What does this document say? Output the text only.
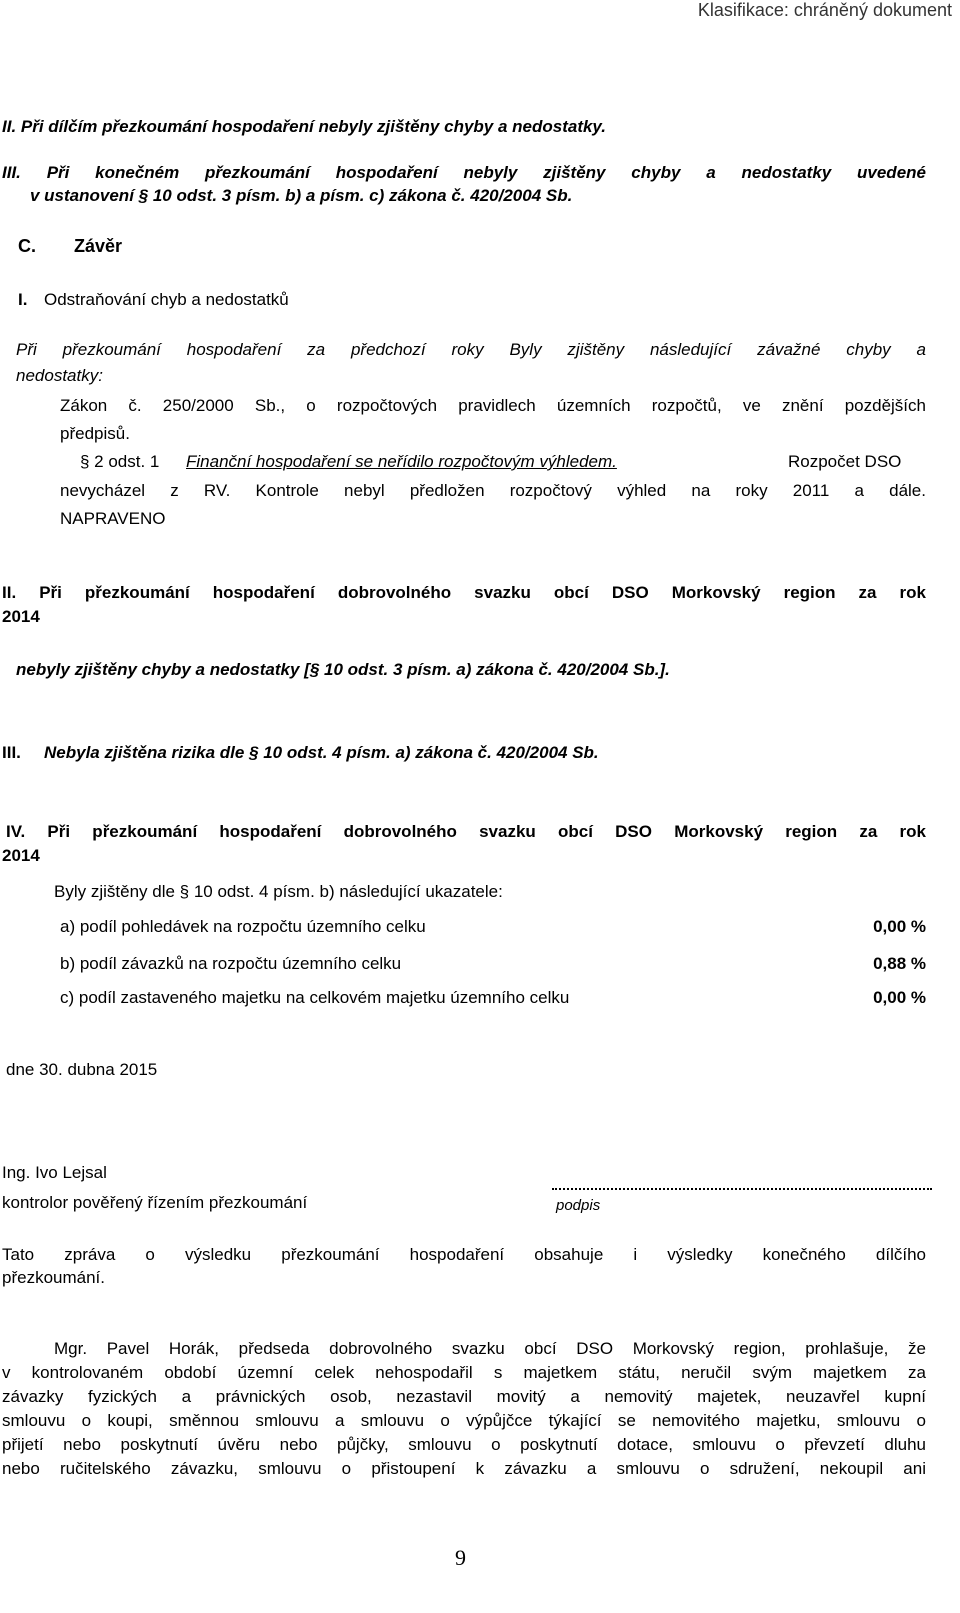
Klasifikace: chráněný dokument
II. Při dílčím přezkoumání hospodaření nebyly zjištěny chyby a nedostatky.
III. Při konečném přezkoumání hospodaření nebyly zjištěny chyby a nedostatky uvedené
v ustanovení § 10 odst. 3 písm. b) a písm. c) zákona č. 420/2004 Sb.
C. Závěr
I. Odstraňování chyb a nedostatků
Při přezkoumání hospodaření za předchozí roky Byly zjištěny následující závažné chyby a
nedostatky:
Zákon č. 250/2000 Sb., o rozpočtových pravidlech územních rozpočtů, ve znění pozdějších
předpisů.
§ 2 odst. 1 Finanční hospodaření se neřídilo rozpočtovým výhledem.	Rozpočet DSO
nevycházel z RV. Kontrole nebyl předložen rozpočtový výhled na roky 2011 a dále.
NAPRAVENO
II. Při přezkoumání hospodaření dobrovolného svazku obcí DSO Morkovský region za rok
2014
nebyly zjištěny chyby a nedostatky [§ 10 odst. 3 písm. a) zákona č. 420/2004 Sb.].
III. Nebyla zjištěna rizika dle § 10 odst. 4 písm. a) zákona č. 420/2004 Sb.
IV. Při přezkoumání hospodaření dobrovolného svazku obcí DSO Morkovský region za rok
2014
Byly zjištěny dle § 10 odst. 4 písm. b) následující ukazatele:
a) podíl pohledávek na rozpočtu územního celku	0,00 %
b) podíl závazků na rozpočtu územního celku	0,88 %
c) podíl zastaveného majetku na celkovém majetku územního celku	0,00 %
dne 30. dubna 2015
Ing. Ivo Lejsal
kontrolor pověřený řízením přezkoumání	podpis
Tato zpráva o výsledku přezkoumání hospodaření obsahuje i výsledky konečného dílčího
přezkoumání.
Mgr. Pavel Horák, předseda dobrovolného svazku obcí DSO Morkovský region, prohlašuje, že
v kontrolovaném období územní celek nehospodařil s majetkem státu, neručil svým majetkem za
závazky fyzických a právnických osob, nezastavil movitý a nemovitý majetek, neuzavřel kupní
smlouvu o koupi, směnnou smlouvu a smlouvu o výpůjčce týkající se nemovitého majetku, smlouvu o
přijetí nebo poskytnutí úvěru nebo půjčky, smlouvu o poskytnutí dotace, smlouvu o převzetí dluhu
nebo ručitelského závazku, smlouvu o přistoupení k závazku a smlouvu o sdružení, nekoupil ani
9
